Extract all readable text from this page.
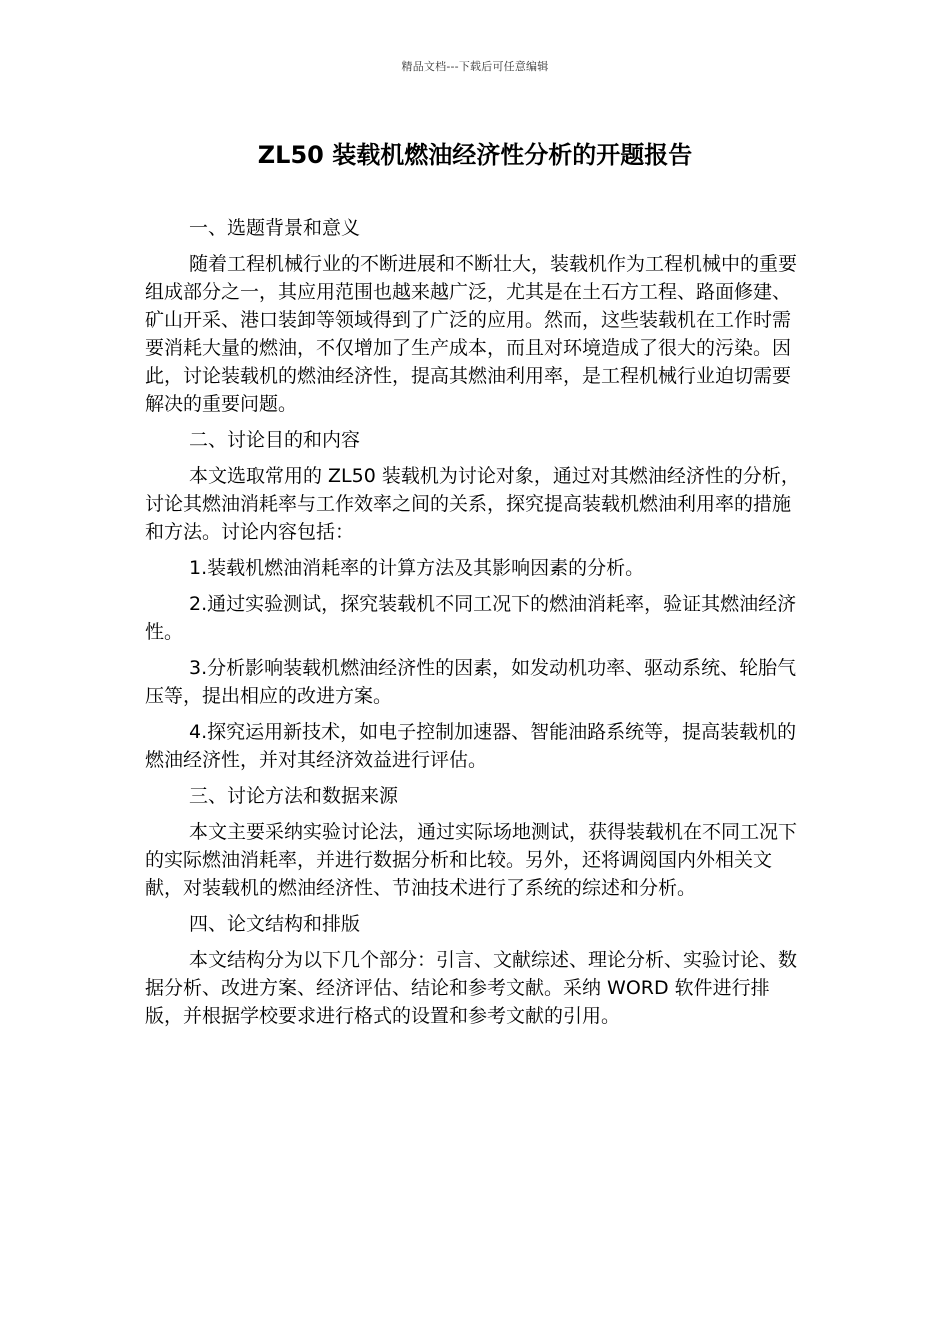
精品文档---下载后可任意编辑
ZL50 装载机燃油经济性分析的开题报告

一、选题背景和意义

随着工程机械行业的不断进展和不断壮大，装载机作为工程机械中的重要组成部分之一，其应用范围也越来越广泛，尤其是在土石方工程、路面修建、矿山开采、港口装卸等领域得到了广泛的应用。然而，这些装载机在工作时需要消耗大量的燃油，不仅增加了生产成本，而且对环境造成了很大的污染。因此，讨论装载机的燃油经济性，提高其燃油利用率，是工程机械行业迫切需要解决的重要问题。

二、讨论目的和内容

本文选取常用的 ZL50 装载机为讨论对象，通过对其燃油经济性的分析，讨论其燃油消耗率与工作效率之间的关系，探究提高装载机燃油利用率的措施和方法。讨论内容包括：

1.装载机燃油消耗率的计算方法及其影响因素的分析。

2.通过实验测试，探究装载机不同工况下的燃油消耗率，验证其燃油经济性。

3.分析影响装载机燃油经济性的因素，如发动机功率、驱动系统、轮胎气压等，提出相应的改进方案。

4.探究运用新技术，如电子控制加速器、智能油路系统等，提高装载机的燃油经济性，并对其经济效益进行评估。

三、讨论方法和数据来源

本文主要采纳实验讨论法，通过实际场地测试，获得装载机在不同工况下的实际燃油消耗率，并进行数据分析和比较。另外，还将调阅国内外相关文献，对装载机的燃油经济性、节油技术进行了系统的综述和分析。

四、论文结构和排版

本文结构分为以下几个部分：引言、文献综述、理论分析、实验讨论、数据分析、改进方案、经济评估、结论和参考文献。采纳 WORD 软件进行排版，并根据学校要求进行格式的设置和参考文献的引用。
